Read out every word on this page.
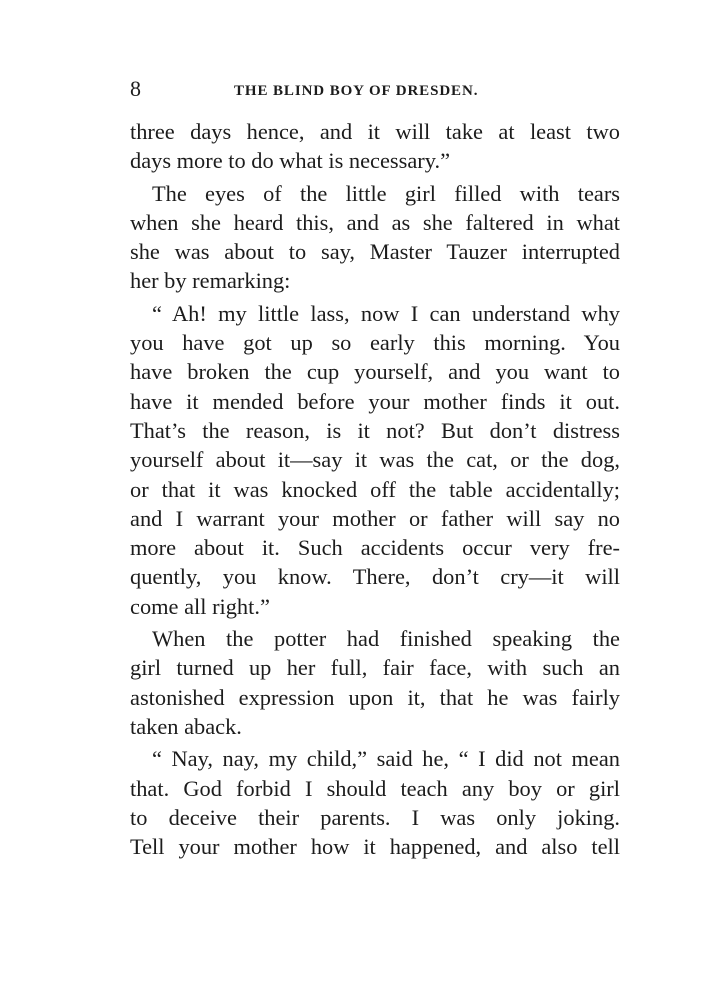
8	THE BLIND BOY OF DRESDEN.
three days hence, and it will take at least two
days more to do what is necessary.”
The eyes of the little girl filled with tears
when she heard this, and as she faltered in what
she was about to say, Master Tauzer interrupted
her by remarking:
“ Ah! my little lass, now I can understand why
you have got up so early this morning. You
have broken the cup yourself, and you want to
have it mended before your mother finds it out.
That’s the reason, is it not? But don’t distress
yourself about it—say it was the cat, or the dog,
or that it was knocked off the table accidentally;
and I warrant your mother or father will say no
more about it. Such accidents occur very fre-
quently, you know. There, don’t cry—it will
come all right.”
When the potter had finished speaking the
girl turned up her full, fair face, with such an
astonished expression upon it, that he was fairly
taken aback.
“ Nay, nay, my child,” said he, “ I did not mean
that. God forbid I should teach any boy or girl
to deceive their parents. I was only joking.
Tell your mother how it happened, and also tell
